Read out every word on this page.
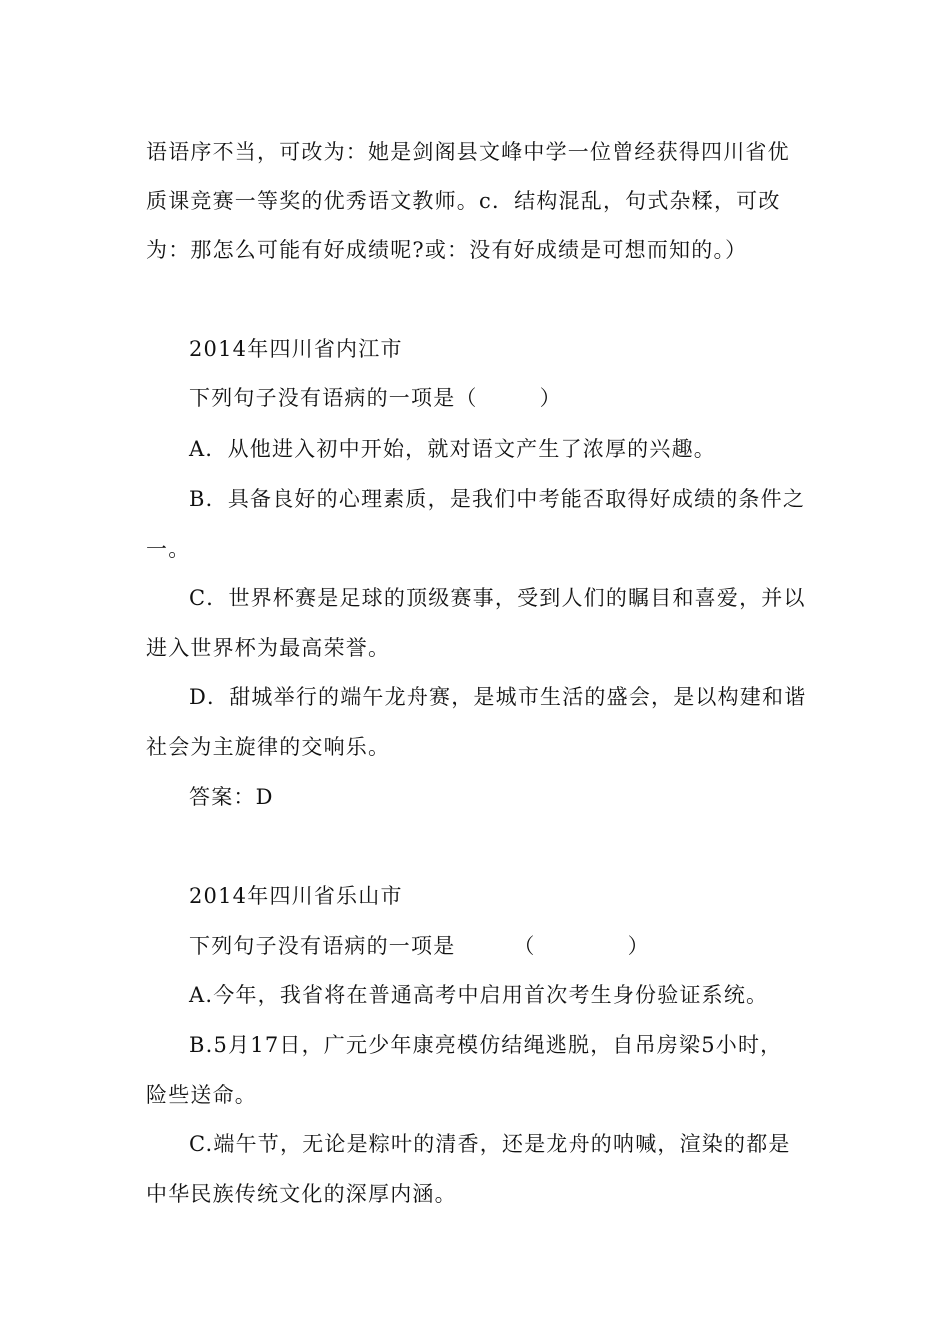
语语序不当，可改为：她是剑阁县文峰中学一位曾经获得四川省优
质课竞赛一等奖的优秀语文教师。c．结构混乱，句式杂糅，可改
为：那怎么可能有好成绩呢?或：没有好成绩是可想而知的。）
2014年四川省内江市
下列句子没有语病的一项是（	）
A．从他进入初中开始，就对语文产生了浓厚的兴趣。
B．具备良好的心理素质，是我们中考能否取得好成绩的条件之
一。
C．世界杯赛是足球的顶级赛事，受到人们的瞩目和喜爱，并以
进入世界杯为最高荣誉。
D．甜城举行的端午龙舟赛，是城市生活的盛会，是以构建和谐
社会为主旋律的交响乐。
答案：D
2014年四川省乐山市
下列句子没有语病的一项是	（	）
A.今年，我省将在普通高考中启用首次考生身份验证系统。
B.5月17日，广元少年康亮模仿结绳逃脱，自吊房梁5小时，
险些送命。
C.端午节，无论是粽叶的清香，还是龙舟的呐喊，渲染的都是
中华民族传统文化的深厚内涵。
